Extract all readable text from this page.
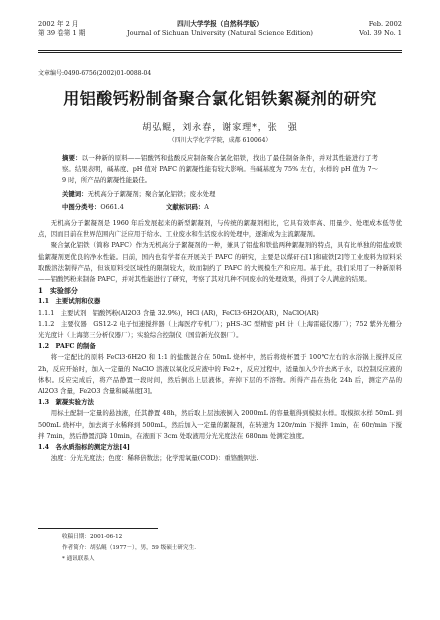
2002 年 2 月
第 39 卷第 1 期
四川大学学报（自然科学版）
Journal of Sichuan University (Natural Science Edition)
Feb. 2002
Vol. 39 No. 1
文章编号:0490-6756(2002)01-0088-04
用铝酸钙粉制备聚合氯化铝铁絮凝剂的研究
胡弘鲲，刘永春，谢家理*，张　强
（四川大学化学学院，成都 610064）
摘要：以一种新的原料——铝酸钙和盐酸反应制备聚合氯化铝铁，找出了最佳制备条件，并对其性能进行了考察。结果表明，碱基度、pH 值对 PAFC 的絮凝性能有较大影响。当碱基度为 75% 左右，水样的 pH 值为 7～9 时，所产品的絮凝性能最佳。
关键词：无机高分子絮凝剂；聚合氯化铝铁；废水处理
中图分类号：O661.4	文献标识码：A

无机高分子絮凝剂是 1960 年后发展起来的新型絮凝剂，与传统的絮凝剂相比，它具有效率高、用量少、处理成本低等优点，因而目前在世界范围内广泛应用于给水、工业废水和生活废水的处理中，逐渐成为主流絮凝剂。

聚合氯化铝铁（简称 PAFC）作为无机高分子絮凝剂的一种，兼具了铝盐和铁盐两种絮凝剂的特点，具有比单独的铝盐或铁盐絮凝剂更优良的净水性能。目前，国内也有学者在开展关于 PAFC 的研究，主要是以煤矸石[1]和硫铁[2]等工业废料为原料采取酸溶法制得产品，但该原料受区域性的限制较大，故而制约了 PAFC 的大规模生产和应用。基于此，我们采用了一种新原料——铝酸钙粉来制备 PAFC，并对其性能进行了研究，考察了其对几种不同废水的处理效果，得到了令人满意的结果。

1　实验部分

1.1　主要试剂和仪器

1.1.1　主要试剂　铝酸钙粉(Al2O3 含量 32.9%)，HCl (AR)，FeCl3·6H2O(AR)，NaClO(AR)

1.1.2　主要仪器　GS12-2 电子恒速搅拌器（上海医疗专机厂）；pHS-3C 型精密 pH 计（上海雷磁仪器厂）；752 紫外光栅分光光度计（上海第三分析仪器厂）；实验综合控制仪（国营新光仪器厂）。

1.2　PAFC 的制备

将一定配比的原料 FeCl3·6H2O 和 1:1 的盐酸混合在 50mL 烧杯中，然后将烧杯置于 100℃左右的水浴锅上搅拌反应 2h，反应开始时，加入一定量的 NaClO 溶液以氧化反应液中的 Fe2+，反应过程中，适量加入少许去离子水，以控制反应液的体积。反应完成后，将产品静置一段时间，然后倒出上层液体，弃掉下层的不溶物。所得产品在热化 24h 后，测定产品的 Al2O3 含量，Fe2O3 含量和碱基度[3]。

1.3　絮凝实验方法

用标土配制一定量的悬浊液，任其静置 48h，然后取上层浊液倒入 2000mL 的容量瓶得到模拟水样。取模拟水样 50mL 到 500mL 烧杯中，加去离子水稀释到 500mL，然后加入一定量的絮凝剂，在转速为 120r/min 下搅拌 1min，在 60r/min 下搅拌 7min，然后静置沉降 10min，在液面下 3cm 处取液用分光光度法在 680nm 处测定浊度。

1.4　各水质指标的测定方法[4]

浊度：分光光度法；色度：稀释倍数法；化学需氧量(COD)：重铬酸钾法.

收稿日期：2001-06-12
作者简介：胡弘鲲（1977－），男，59 级硕士研究生.
* 通讯联系人
